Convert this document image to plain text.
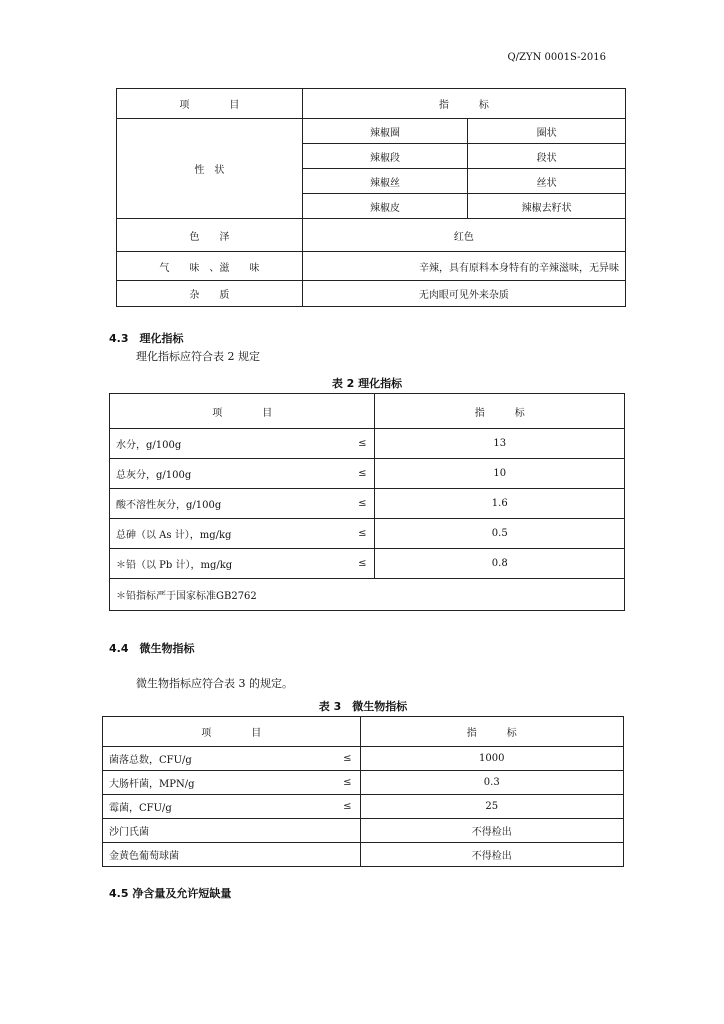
Q/ZYN 0001S-2016
项　　　　目	指　　　标	
性　状	辣椒圈	圈状
	辣椒段	段状
	辣椒丝	丝状
	辣椒皮	辣椒去籽状
色　　泽	红色	
气　　味　、滋　　味	辛辣，具有原料本身特有的辛辣滋味，无异味	
杂　　质	无肉眼可见外来杂质	
4.3　理化指标
理化指标应符合表 2 规定
表 2 理化指标
项　　　　目		指　　　标
水分，g/100g	≤	13
总灰分，g/100g	≤	10
酸不溶性灰分，g/100g	≤	1.6
总砷（以 As 计），mg/kg	≤	0.5
＊铅（以 Pb 计），mg/kg	≤	0.8
＊铅指标严于国家标准GB2762		
4.4　微生物指标
微生物指标应符合表 3 的规定。
表 3　微生物指标
项　　　　目		指　　　标
菌落总数，CFU/g	≤	1000
大肠杆菌，MPN/g	≤	0.3
霉菌，CFU/g	≤	25
沙门氏菌		不得检出
金黄色葡萄球菌		不得检出
4.5 净含量及允许短缺量
